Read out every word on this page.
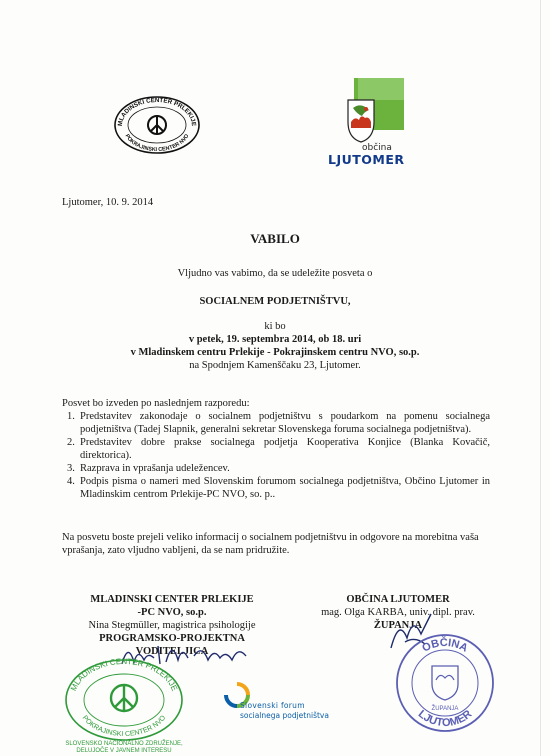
MLADINSKI CENTER PRLEKIJE
POKRAJINSKI CENTER NVO
občina
LJUTOMER
Ljutomer, 10. 9. 2014
VABILO
Vljudno vas vabimo, da se udeležite posveta o
SOCIALNEM PODJETNIŠTVU,
ki bo
v petek, 19. septembra 2014, ob 18. uri
v Mladinskem centru Prlekije - Pokrajinskem centru NVO, so.p.
na Spodnjem Kamenščaku 23, Ljutomer.
Posvet bo izveden po naslednjem razporedu:
1. Predstavitev zakonodaje o socialnem podjetništvu s poudarkom na pomenu socialnega podjetništva (Tadej Slapnik, generalni sekretar Slovenskega foruma socialnega podjetništva).
2. Predstavitev dobre prakse socialnega podjetja Kooperativa Konjice (Blanka Kovačič, direktorica).
3. Razprava in vprašanja udeležencev.
4. Podpis pisma o nameri med Slovenskim forumom socialnega podjetništva, Občino Ljutomer in Mladinskim centrom Prlekije-PC NVO, so. p..
Na posvetu boste prejeli veliko informacij o socialnem podjetništvu in odgovore na morebitna vaša vprašanja, zato vljudno vabljeni, da se nam pridružite.
MLADINSKI CENTER PRLEKIJE
-PC NVO, so.p.
Nina Stegmüller, magistrica psihologije
PROGRAMSKO-PROJEKTNA
VODITELJICA
OBČINA LJUTOMER
mag. Olga KARBA, univ. dipl. prav.
ŽUPANJA
MLADINSKI CENTER PRLEKIJE
POKRAJINSKI CENTER NVO
SLOVENSKO NACIONALNO ZDRUŽENJE,
DELUJOČE V JAVNEM INTERESU
Slovenski forum
socialnega podjetništva
OBČINA
LJUTOMER
ŽUPANJA
